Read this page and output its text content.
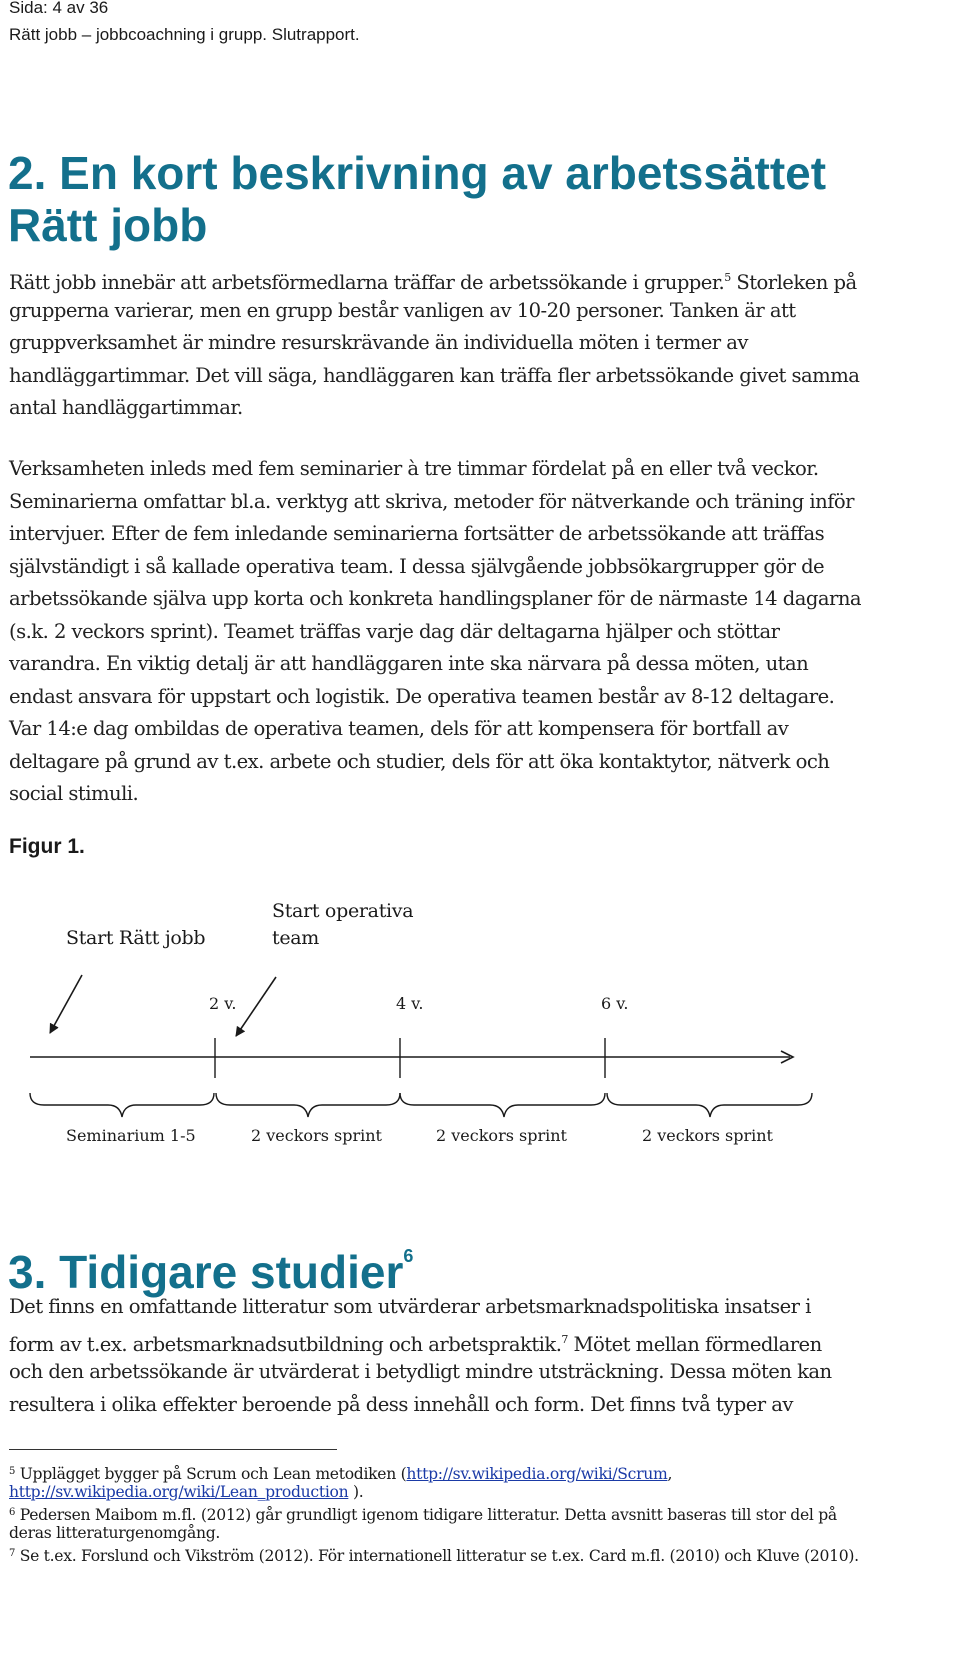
Sida: 4 av 36
Rätt jobb – jobbcoachning i grupp. Slutrapport.
2. En kort beskrivning av arbetssättet
Rätt jobb
Rätt jobb innebär att arbetsförmedlarna träffar de arbetssökande i grupper.$^5$ Storleken på
grupperna varierar, men en grupp består vanligen av 10-20 personer. Tanken är att
gruppverksamhet är mindre resurskrävande än individuella möten i termer av
handläggartimmar. Det vill säga, handläggaren kan träffa fler arbetssökande givet samma
antal handläggartimmar.
Verksamheten inleds med fem seminarier à tre timmar fördelat på en eller två veckor.
Seminarierna omfattar bl.a. verktyg att skriva, metoder för nätverkande och träning inför
intervjuer. Efter de fem inledande seminarierna fortsätter de arbetssökande att träffas
självständigt i så kallade operativa team. I dessa självgående jobbsökargrupper gör de
arbetssökande själva upp korta och konkreta handlingsplaner för de närmaste 14 dagarna
(s.k. 2 veckors sprint). Teamet träffas varje dag där deltagarna hjälper och stöttar
varandra. En viktig detalj är att handläggaren inte ska närvara på dessa möten, utan
endast ansvara för uppstart och logistik. De operativa teamen består av 8-12 deltagare.
Var 14:e dag ombildas de operativa teamen, dels för att kompensera för bortfall av
deltagare på grund av t.ex. arbete och studier, dels för att öka kontaktytor, nätverk och
social stimuli.
Figur 1.
Start Rätt jobb
Start operativa
team
2 v.	4 v.	6 v.
Seminarium 1-5	2 veckors sprint	2 veckors sprint	2 veckors sprint
3. Tidigare studier$^6$
Det finns en omfattande litteratur som utvärderar arbetsmarknadspolitiska insatser i
form av t.ex. arbetsmarknadsutbildning och arbetspraktik.$^7$ Mötet mellan förmedlaren
och den arbetssökande är utvärderat i betydligt mindre utsträckning. Dessa möten kan
resultera i olika effekter beroende på dess innehåll och form. Det finns två typer av
$^5$ Upplägget bygger på Scrum och Lean metodiken (http://sv.wikipedia.org/wiki/Scrum,
http://sv.wikipedia.org/wiki/Lean_production ).
$^6$ Pedersen Maibom m.fl. (2012) går grundligt igenom tidigare litteratur. Detta avsnitt baseras till stor del på
deras litteraturgenomgång.
$^7$ Se t.ex. Forslund och Vikström (2012). För internationell litteratur se t.ex. Card m.fl. (2010) och Kluve (2010).
